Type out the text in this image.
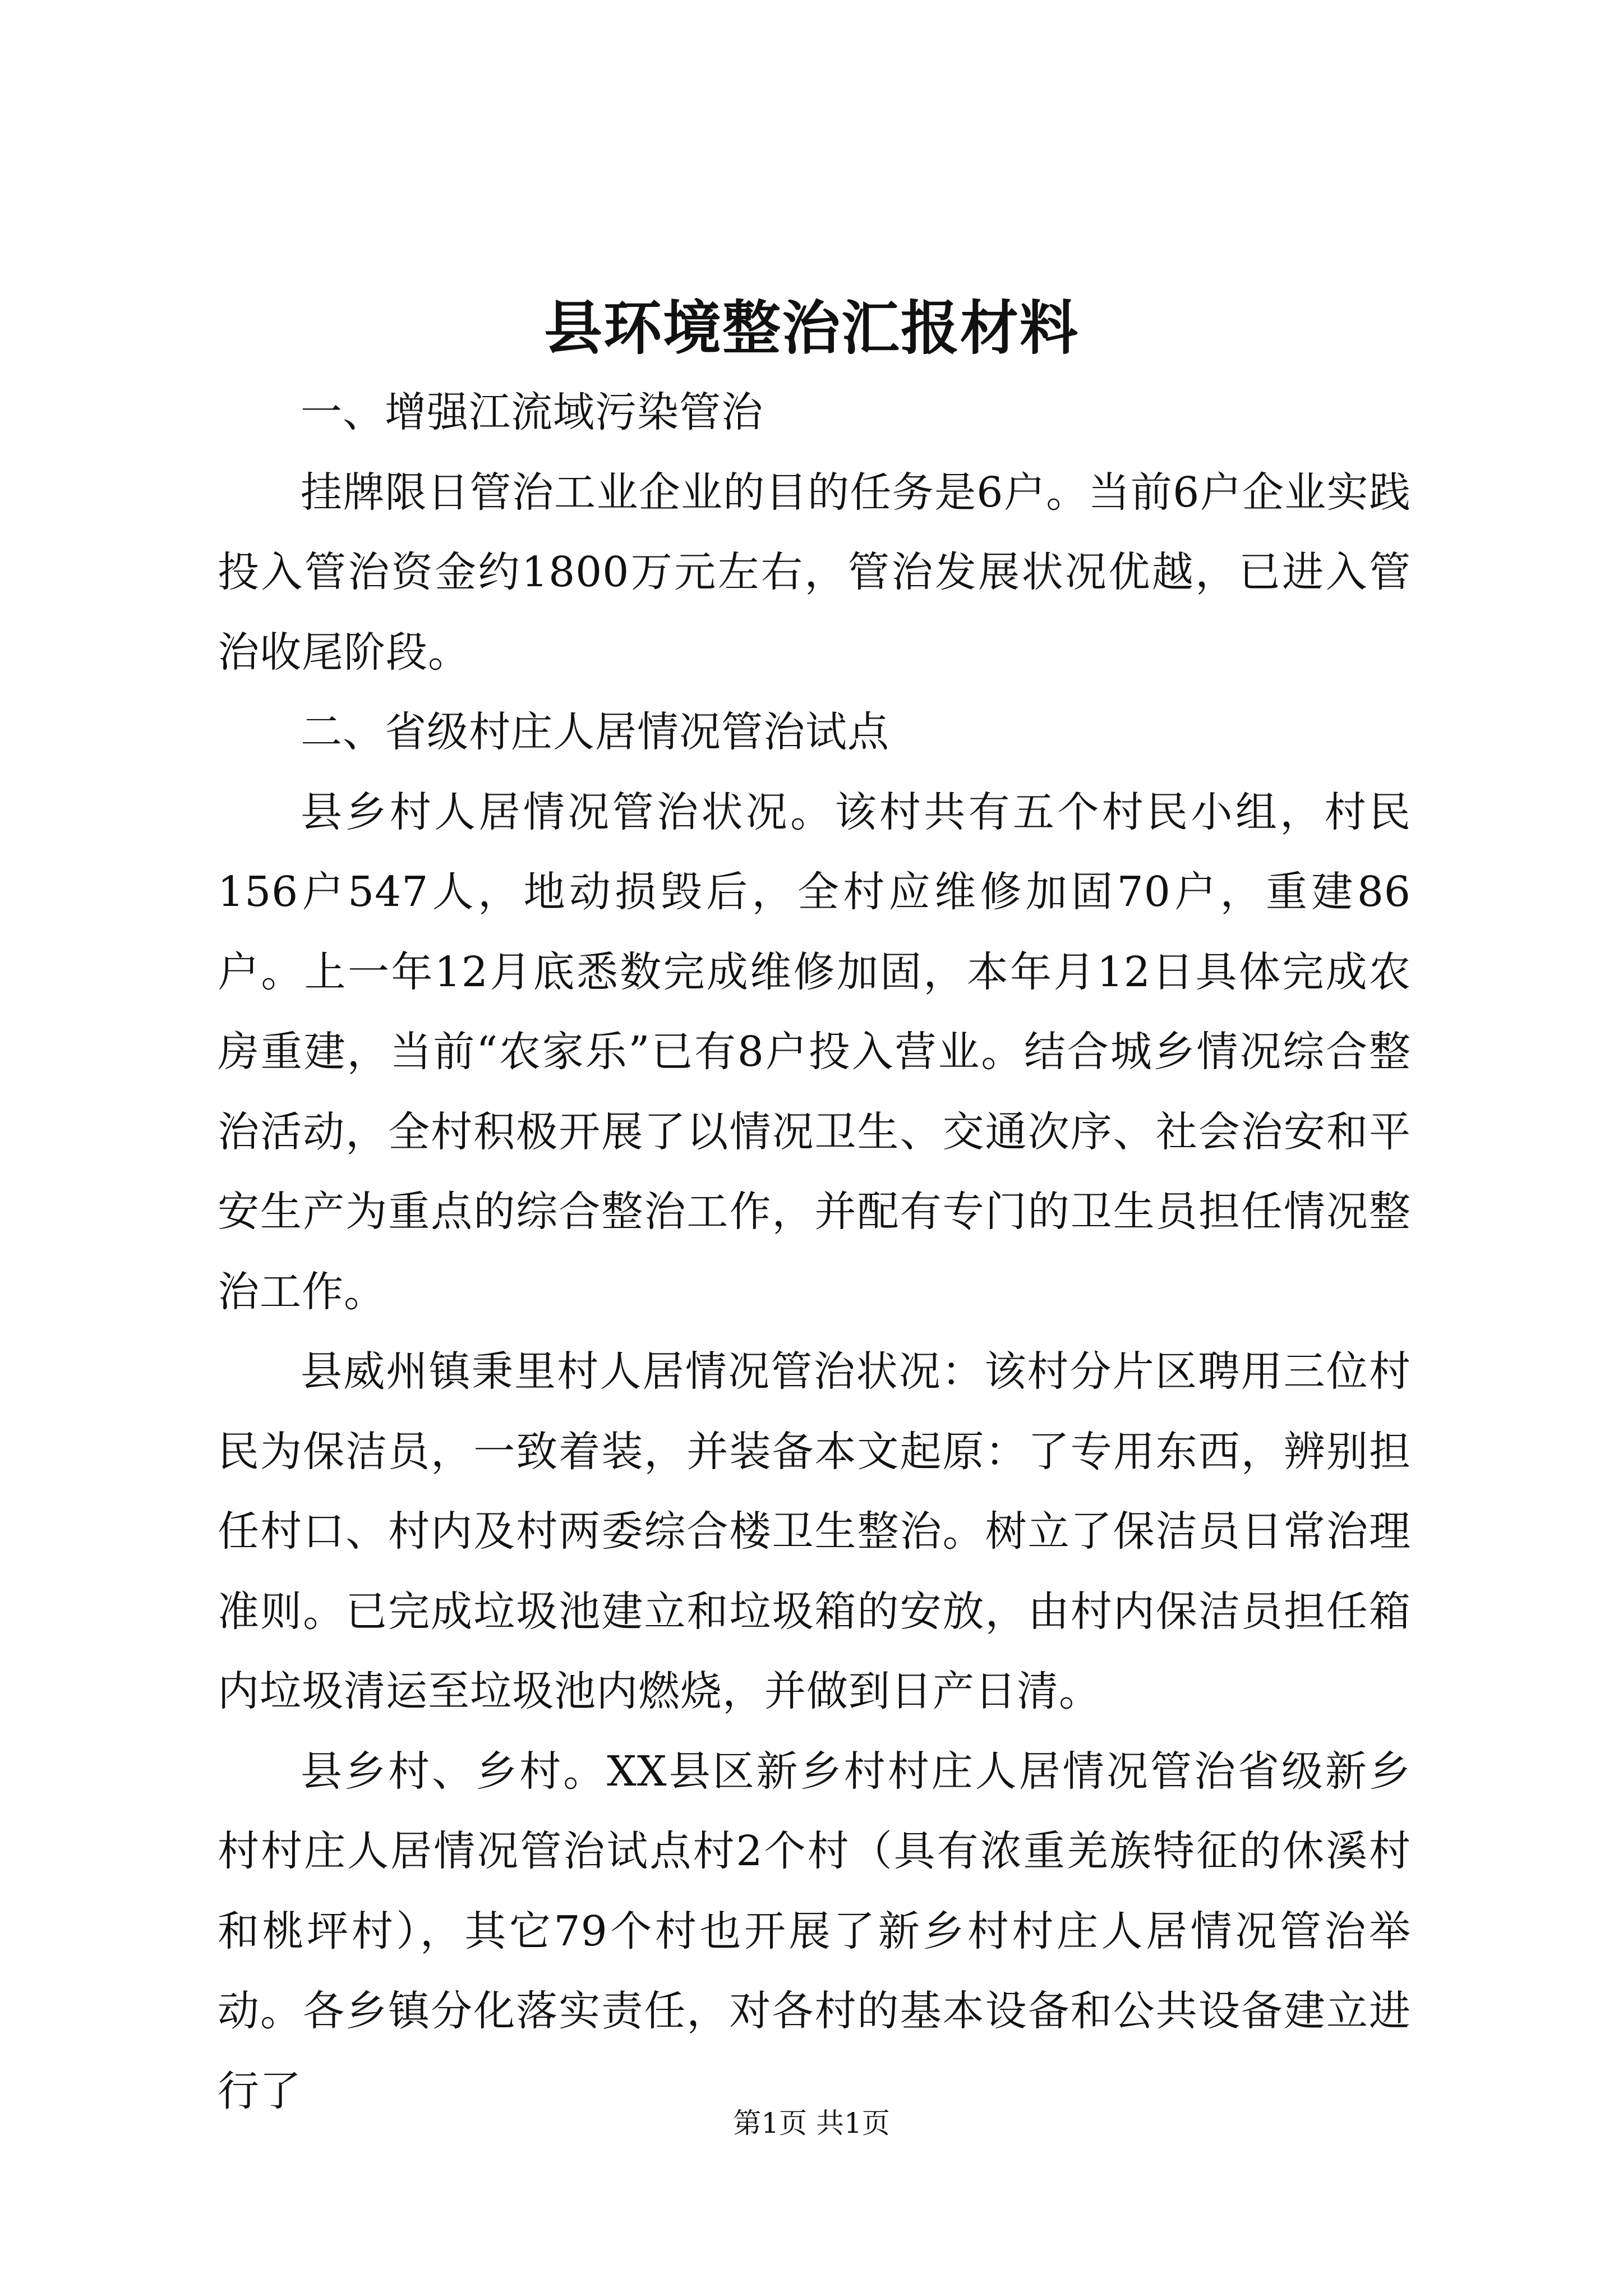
县环境整治汇报材料

一、增强江流域污染管治

挂牌限日管治工业企业的目的任务是6户。当前6户企业实践投入管治资金约1800万元左右，管治发展状况优越，已进入管治收尾阶段。

二、省级村庄人居情况管治试点

县乡村人居情况管治状况。该村共有五个村民小组，村民156户547人，地动损毁后，全村应维修加固70户，重建86户。上一年12月底悉数完成维修加固，本年月12日具体完成农房重建，当前“农家乐”已有8户投入营业。结合城乡情况综合整治活动，全村积极开展了以情况卫生、交通次序、社会治安和平安生产为重点的综合整治工作，并配有专门的卫生员担任情况整治工作。

县威州镇秉里村人居情况管治状况：该村分片区聘用三位村民为保洁员，一致着装，并装备本文起原：了专用东西，辨别担任村口、村内及村两委综合楼卫生整治。树立了保洁员日常治理准则。已完成垃圾池建立和垃圾箱的安放，由村内保洁员担任箱内垃圾清运至垃圾池内燃烧，并做到日产日清。

县乡村、乡村。XX县区新乡村村庄人居情况管治省级新乡村村庄人居情况管治试点村2个村（具有浓重羌族特征的休溪村和桃坪村），其它79个村也开展了新乡村村庄人居情况管治举动。各乡镇分化落实责任，对各村的基本设备和公共设备建立进行了

第1页 共1页
